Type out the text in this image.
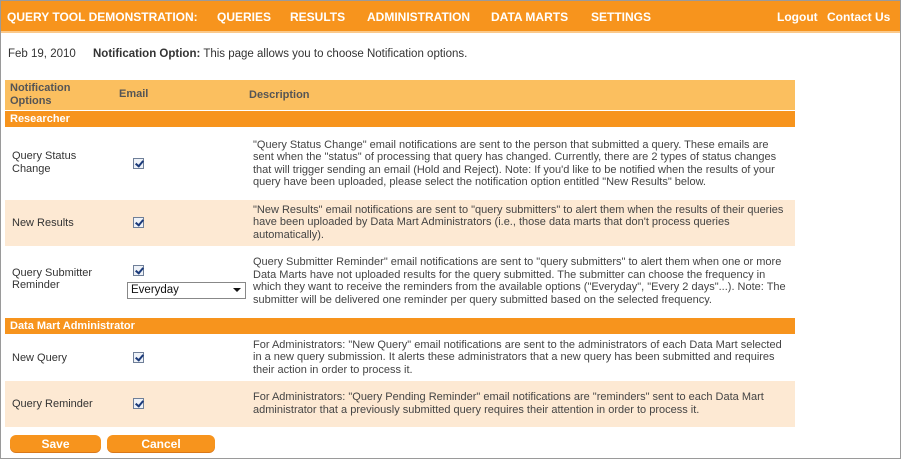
QUERY TOOL DEMONSTRATION: QUERIES RESULTS ADMINISTRATION DATA MARTS SETTINGS	Logout Contact Us
Feb 19, 2010 Notification Option: This page allows you to choose Notification options.
Notification Options
Email	Description
Researcher	

Query Status Change	"Query Status Change" email notifications are sent to the person that submitted a query. These emails are sent when the "status" of processing that query has changed. Currently, there are 2 types of status changes that will trigger sending an email (Hold and Reject). Note: If you'd like to be notified when the results of your query have been uploaded, please select the notification option entitled "New Results" below.

New Results	"New Results" email notifications are sent to "query submitters" to alert them when the results of their queries have been uploaded by Data Mart Administrators (i.e., those data marts that don't process queries automatically).

Query Submitter Reminder Everyday	Query Submitter Reminder" email notifications are sent to "query submitters" to alert them when one or more Data Marts have not uploaded results for the query submitted. The submitter can choose the frequency in which they want to receive the reminders from the available options ("Everyday", "Every 2 days"...). Note: The submitter will be delivered one reminder per query submitted based on the selected frequency.
Data Mart Administrator	

New Query	For Administrators: "New Query" email notifications are sent to the administrators of each Data Mart selected in a new query submission. It alerts these administrators that a new query has been submitted and requires their action in order to process it.

Query Reminder	For Administrators: "Query Pending Reminder" email notifications are "reminders" sent to each Data Mart administrator that a previously submitted query requires their attention in order to process it.
Save	Cancel
